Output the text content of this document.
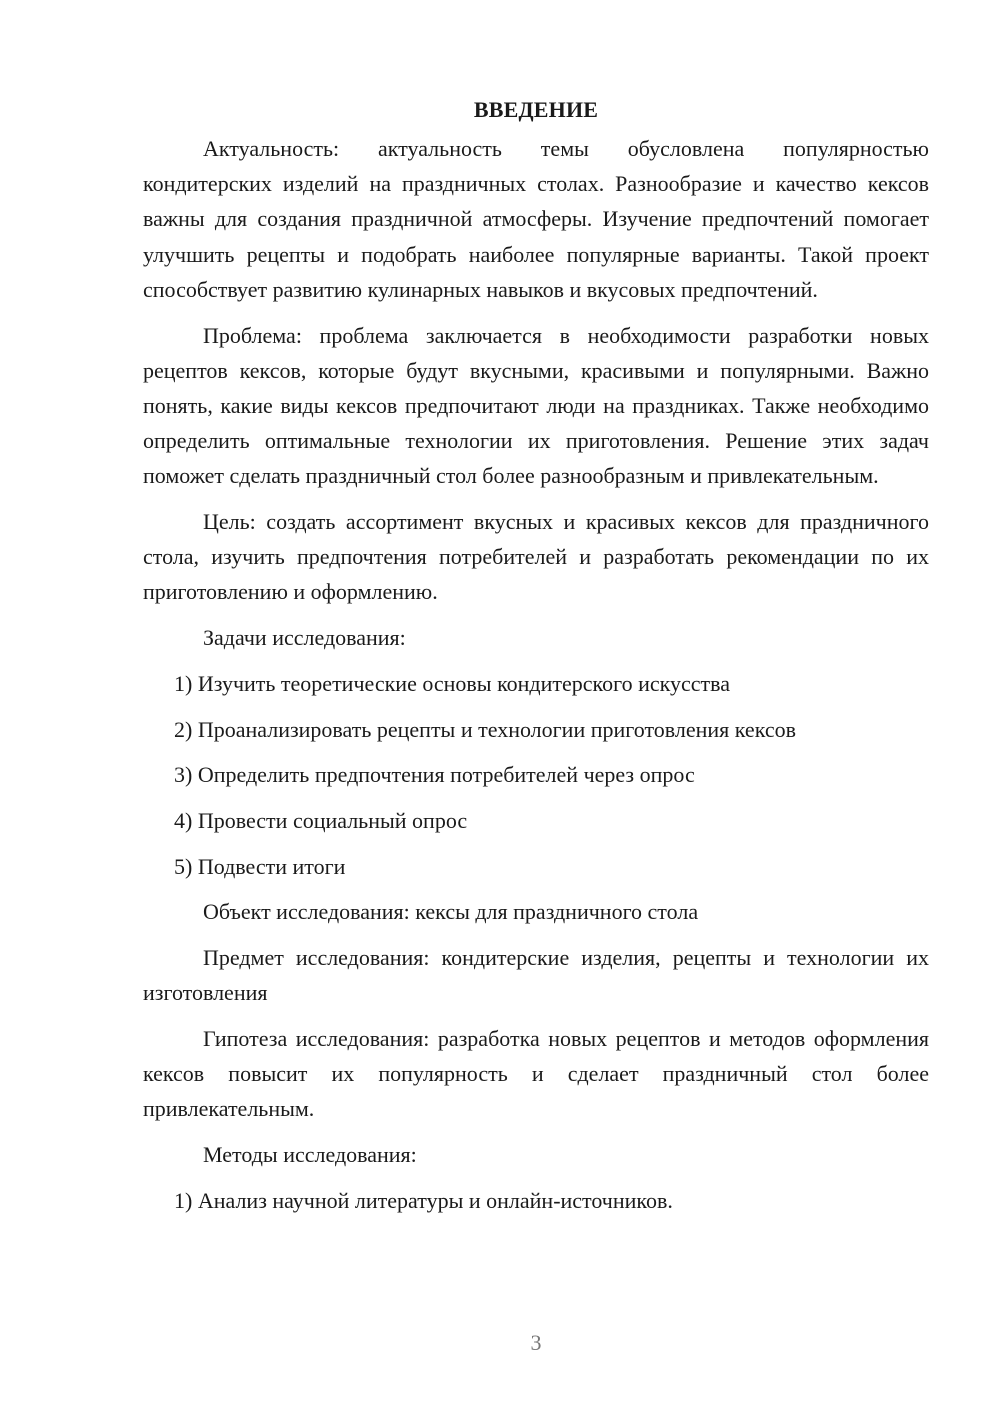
ВВЕДЕНИЕ

Актуальность: актуальность темы обусловлена популярностью кондитерских изделий на праздничных столах. Разнообразие и качество кексов важны для создания праздничной атмосферы. Изучение предпочтений помогает улучшить рецепты и подобрать наиболее популярные варианты. Такой проект способствует развитию кулинарных навыков и вкусовых предпочтений.

Проблема: проблема заключается в необходимости разработки новых рецептов кексов, которые будут вкусными, красивыми и популярными. Важно понять, какие виды кексов предпочитают люди на праздниках. Также необходимо определить оптимальные технологии их приготовления. Решение этих задач поможет сделать праздничный стол более разнообразным и привлекательным.

Цель: создать ассортимент вкусных и красивых кексов для праздничного стола, изучить предпочтения потребителей и разработать рекомендации по их приготовлению и оформлению.

Задачи исследования:

1) Изучить теоретические основы кондитерского искусства

2) Проанализировать рецепты и технологии приготовления кексов

3) Определить предпочтения потребителей через опрос

4) Провести социальный опрос

5) Подвести итоги

Объект исследования: кексы для праздничного стола

Предмет исследования: кондитерские изделия, рецепты и технологии их изготовления

Гипотеза исследования: разработка новых рецептов и методов оформления кексов повысит их популярность и сделает праздничный стол более привлекательным.

Методы исследования:

1) Анализ научной литературы и онлайн-источников.

3
